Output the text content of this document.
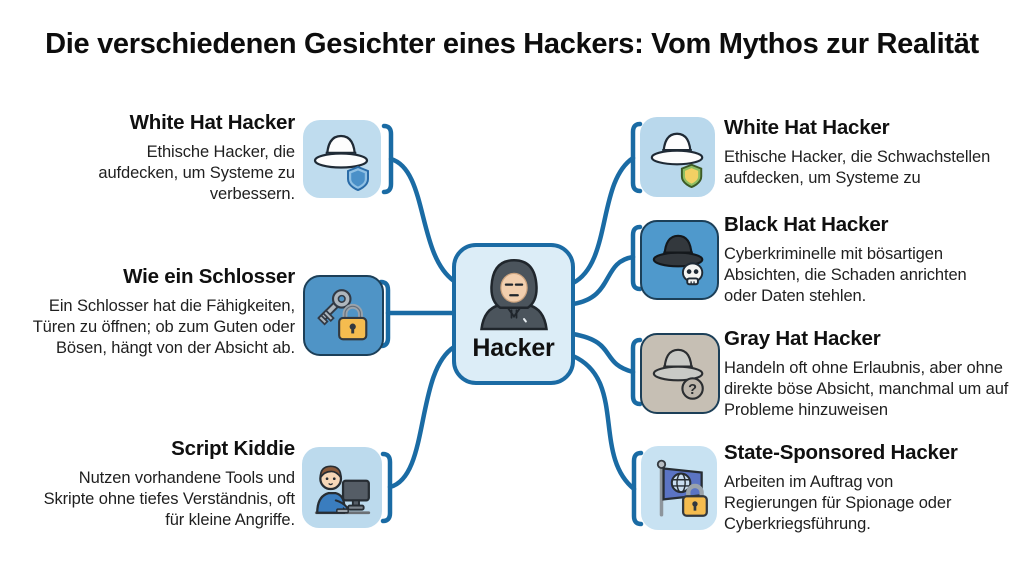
Die verschiedenen Gesichter eines Hackers: Vom Mythos zur Realität
Hacker
White Hat Hacker

Ethische Hacker, die aufdecken, um Systeme zu verbessern.

Wie ein Schlosser

Ein Schlosser hat die Fähigkeiten, Türen zu öffnen; ob zum Guten oder Bösen, hängt von der Absicht ab.

Script Kiddie

Nutzen vorhandene Tools und Skripte ohne tiefes Verständnis, oft für kleine Angriffe.

White Hat Hacker

Ethische Hacker, die Schwachstellen aufdecken, um Systeme zu

Black Hat Hacker

Cyberkriminelle mit bösartigen Absichten, die Schaden anrichten oder Daten stehlen.

?
Gray Hat Hacker

Handeln oft ohne Erlaubnis, aber ohne direkte böse Absicht, manchmal um auf Probleme hinzuweisen

State-Sponsored Hacker

Arbeiten im Auftrag von Regierungen für Spionage oder Cyberkriegsführung.
